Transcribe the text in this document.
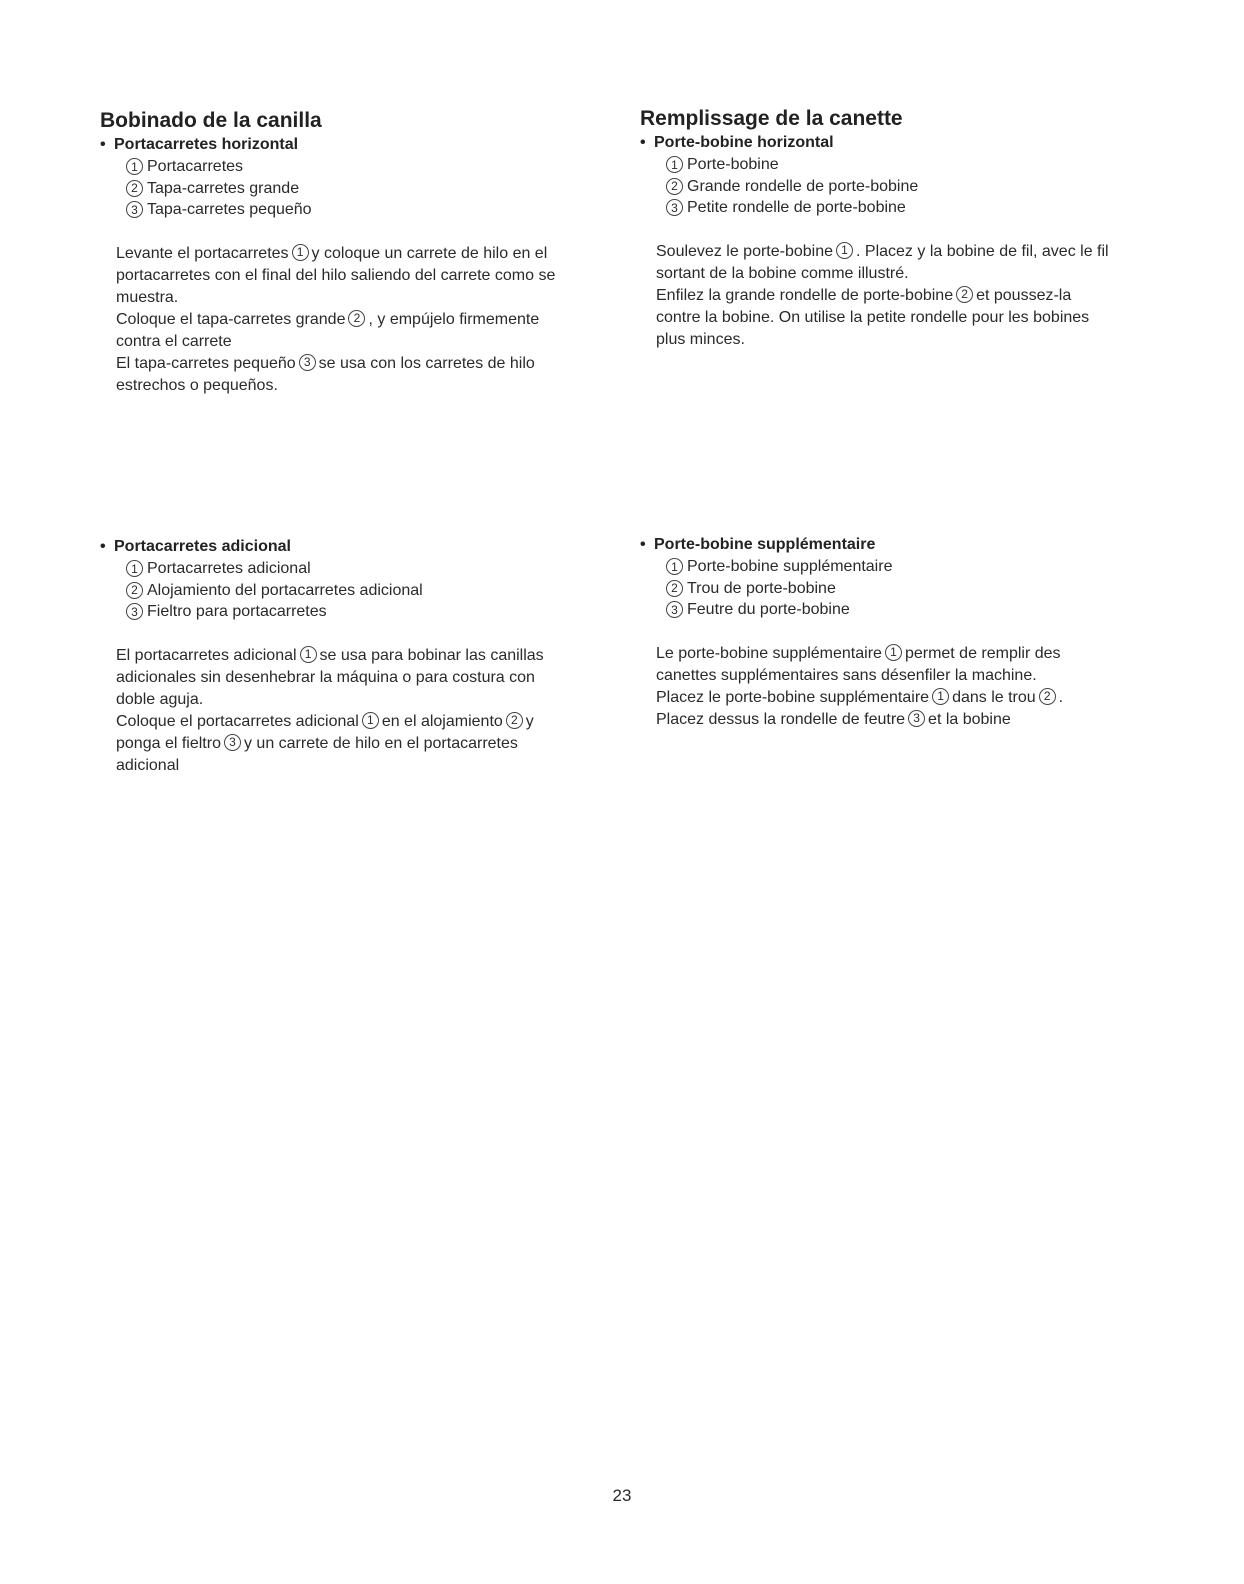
Bobinado de la canilla
• Portacarretes horizontal
1 Portacarretes
2 Tapa-carretes grande
3 Tapa-carretes pequeño
Levante el portacarretes 1 y coloque un carrete de hilo en el
portacarretes con el final del hilo saliendo del carrete como se
muestra.
Coloque el tapa-carretes grande 2 , y empújelo firmemente
contra el carrete
El tapa-carretes pequeño 3 se usa con los carretes de hilo
estrechos o pequeños.
Remplissage de la canette
• Porte-bobine horizontal
1 Porte-bobine
2 Grande rondelle de porte-bobine
3 Petite rondelle de porte-bobine
Soulevez le porte-bobine 1 . Placez y la bobine de fil, avec le fil
sortant de la bobine comme illustré.
Enfilez la grande rondelle de porte-bobine 2 et poussez-la
contre la bobine. On utilise la petite rondelle pour les bobines
plus minces.
• Portacarretes adicional
1 Portacarretes adicional
2 Alojamiento del portacarretes adicional
3 Fieltro para portacarretes
El portacarretes adicional 1 se usa para bobinar las canillas
adicionales sin desenhebrar la máquina o para costura con
doble aguja.
Coloque el portacarretes adicional 1 en el alojamiento 2 y
ponga el fieltro 3 y un carrete de hilo en el portacarretes
adicional
• Porte-bobine supplémentaire
1 Porte-bobine supplémentaire
2 Trou de porte-bobine
3 Feutre du porte-bobine
Le porte-bobine supplémentaire 1 permet de remplir des
canettes supplémentaires sans désenfiler la machine.
Placez le porte-bobine supplémentaire 1 dans le trou 2 .
Placez dessus la rondelle de feutre 3 et la bobine
23
